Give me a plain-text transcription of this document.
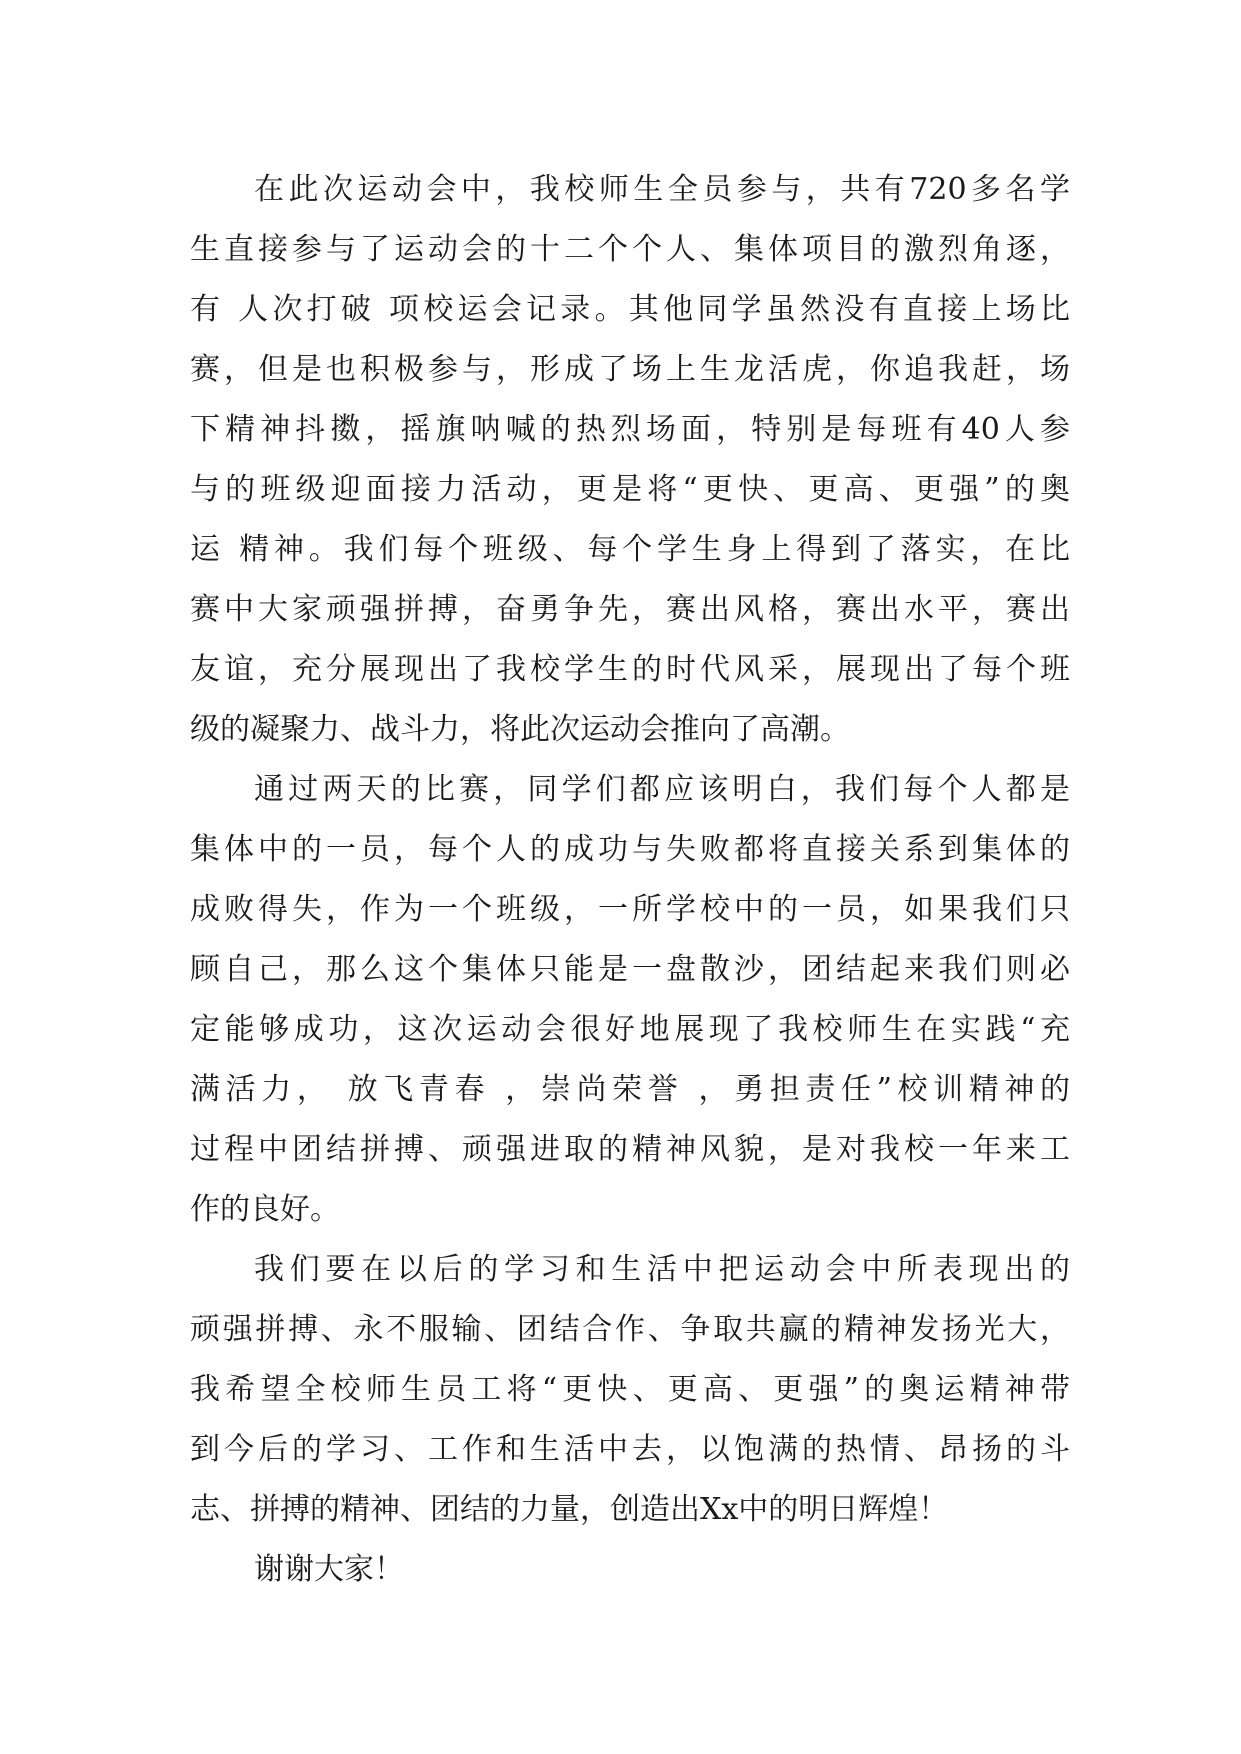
在此次运动会中，我校师生全员参与，共有720多名学
生直接参与了运动会的十二个个人、集体项目的激烈角逐，
有 人次打破 项校运会记录。其他同学虽然没有直接上场比
赛，但是也积极参与，形成了场上生龙活虎，你追我赶，场
下精神抖擞，摇旗呐喊的热烈场面，特别是每班有40人参
与的班级迎面接力活动，更是将“更快、更高、更强”的奥
运 精神。我们每个班级、每个学生身上得到了落实，在比
赛中大家顽强拼搏，奋勇争先，赛出风格，赛出水平，赛出
友谊，充分展现出了我校学生的时代风采，展现出了每个班
级的凝聚力、战斗力，将此次运动会推向了高潮。
通过两天的比赛，同学们都应该明白，我们每个人都是
集体中的一员，每个人的成功与失败都将直接关系到集体的
成败得失，作为一个班级，一所学校中的一员，如果我们只
顾自己，那么这个集体只能是一盘散沙，团结起来我们则必
定能够成功，这次运动会很好地展现了我校师生在实践“充
满活力， 放飞青春 ，崇尚荣誉 ，勇担责任”校训精神的
过程中团结拼搏、顽强进取的精神风貌，是对我校一年来工
作的良好。
我们要在以后的学习和生活中把运动会中所表现出的
顽强拼搏、永不服输、团结合作、争取共赢的精神发扬光大，
我希望全校师生员工将“更快、更高、更强”的奥运精神带
到今后的学习、工作和生活中去，以饱满的热情、昂扬的斗
志、拼搏的精神、团结的力量，创造出Xx中的明日辉煌！
谢谢大家！
